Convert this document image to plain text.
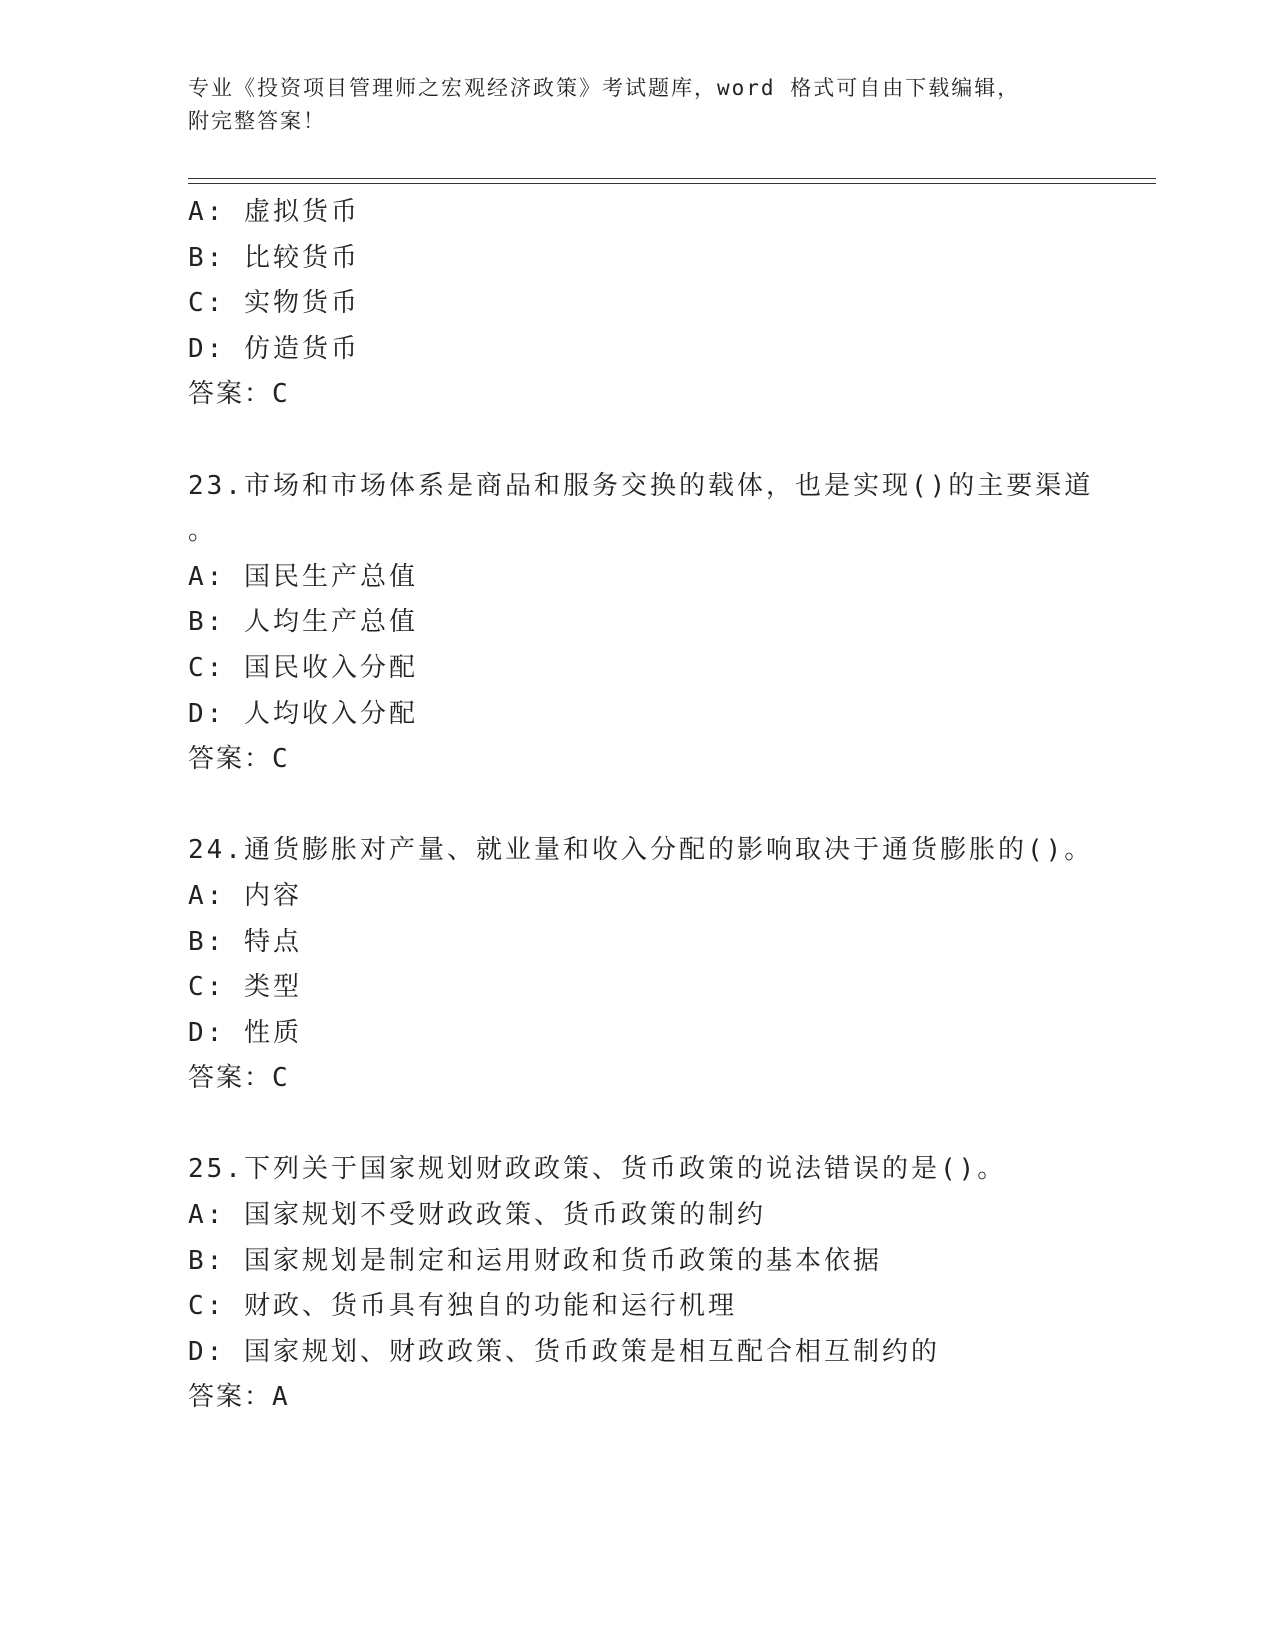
专业《投资项目管理师之宏观经济政策》考试题库，word 格式可自由下载编辑，
附完整答案！
A: 虚拟货币
B: 比较货币
C: 实物货币
D: 仿造货币
答案：C
23.市场和市场体系是商品和服务交换的载体，也是实现()的主要渠道
。
A: 国民生产总值
B: 人均生产总值
C: 国民收入分配
D: 人均收入分配
答案：C
24.通货膨胀对产量、就业量和收入分配的影响取决于通货膨胀的()。
A: 内容
B: 特点
C: 类型
D: 性质
答案：C
25.下列关于国家规划财政政策、货币政策的说法错误的是()。
A: 国家规划不受财政政策、货币政策的制约
B: 国家规划是制定和运用财政和货币政策的基本依据
C: 财政、货币具有独自的功能和运行机理
D: 国家规划、财政政策、货币政策是相互配合相互制约的
答案：A
